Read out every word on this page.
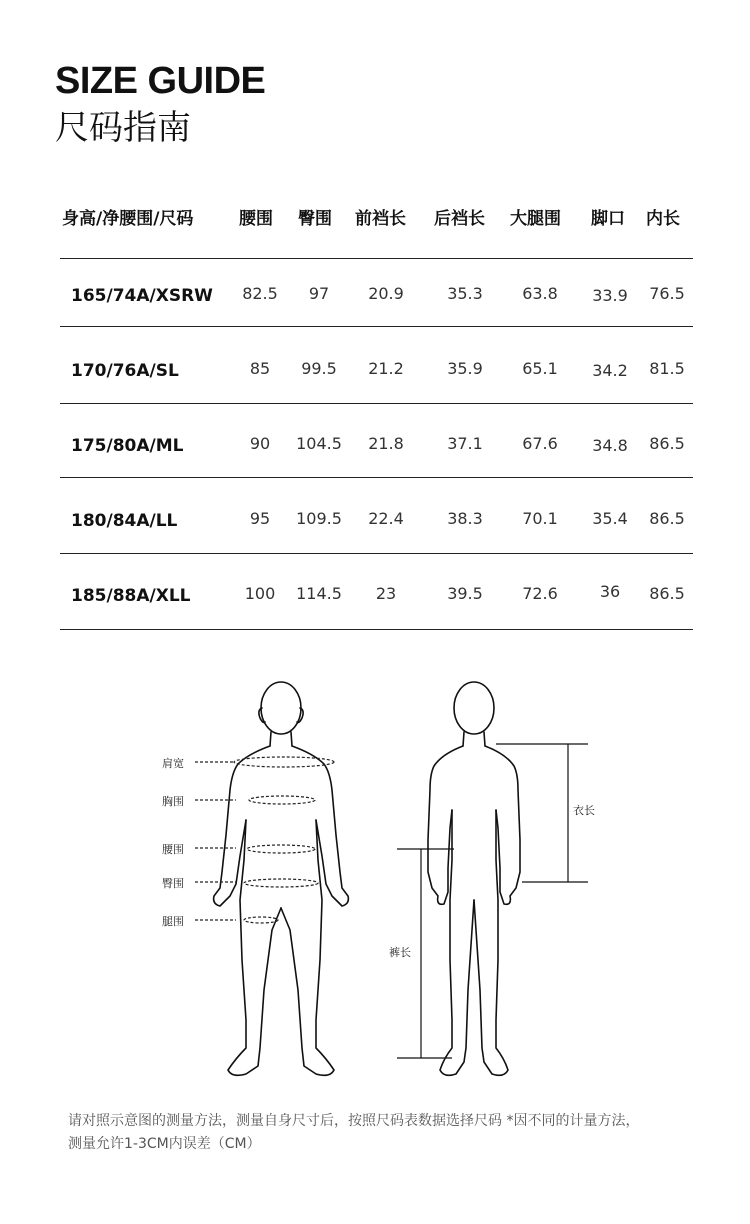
SIZE GUIDE
尺码指南
身高/净腰围/尺码	腰围 臀围 前裆长 后裆长 大腿围 脚口 内长
165/74A/XSRW	82.5	97	20.9	35.3	63.8	33.9	76.5
170/76A/SL	85	99.5	21.2	35.9	65.1	34.2	81.5
175/80A/ML	90	104.5	21.8	37.1	67.6	34.8	86.5
180/84A/LL	95	109.5	22.4	38.3	70.1	35.4	86.5
185/88A/XLL	100	114.5	23	39.5	72.6	36	86.5
肩宽
胸围
腰围
臀围
腿围
衣长
裤长
请对照示意图的测量方法，测量自身尺寸后，按照尺码表数据选择尺码 *因不同的计量方法，
测量允许1-3CM内误差（CM）
